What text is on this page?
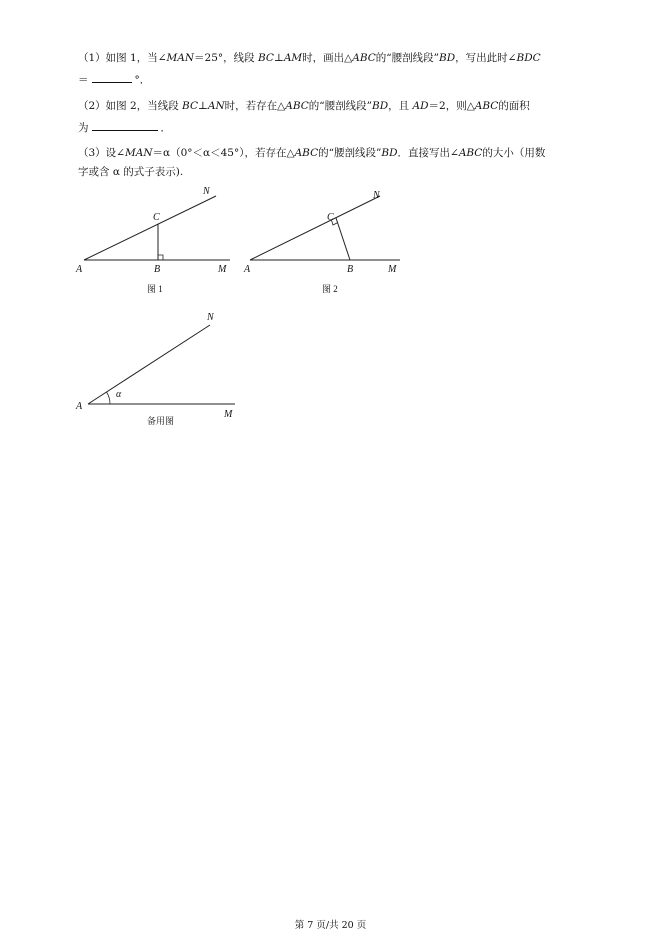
（1）如图 1，当∠MAN＝25°，线段 BC⊥AM时，画出△ABC的“腰剖线段”BD，写出此时∠BDC
＝	°．
（2）如图 2，当线段 BC⊥AN时，若存在△ABC的“腰剖线段”BD，且 AD＝2，则△ABC的面积
为	．
（3）设∠MAN＝α（0°＜α＜45°），若存在△ABC的“腰剖线段”BD．直接写出∠ABC的大小（用数
字或含 α 的式子表示).
A	B
C
M
N
图 1
A	B
C
M
N
图 2
α
A
M
N
备用图
第 7 页/共 20 页
